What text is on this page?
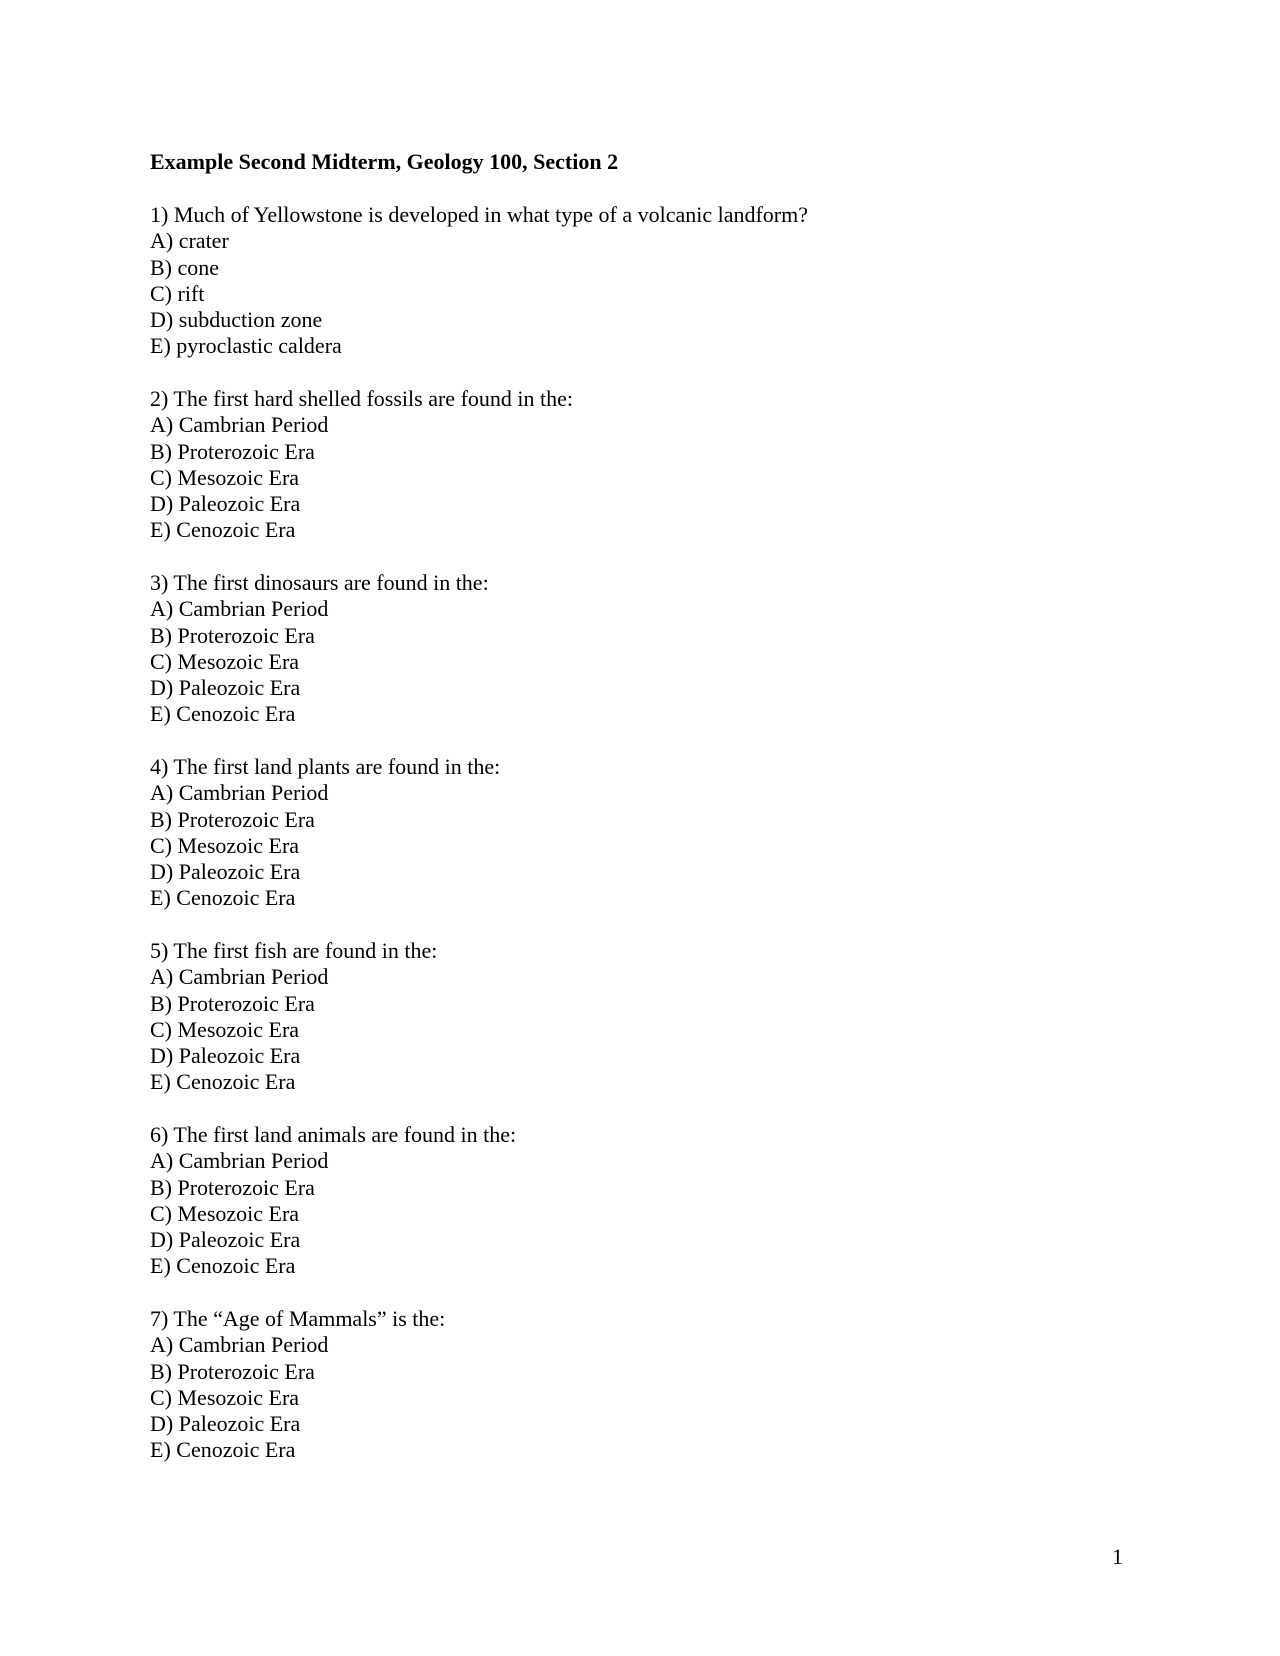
Example Second Midterm, Geology 100, Section 2
1) Much of Yellowstone is developed in what type of a volcanic landform?
A) crater
B) cone
C) rift
D) subduction zone
E) pyroclastic caldera
2) The first hard shelled fossils are found in the:
A) Cambrian Period
B) Proterozoic Era
C) Mesozoic Era
D) Paleozoic Era
E) Cenozoic Era
3) The first dinosaurs are found in the:
A) Cambrian Period
B) Proterozoic Era
C) Mesozoic Era
D) Paleozoic Era
E) Cenozoic Era
4) The first land plants are found in the:
A) Cambrian Period
B) Proterozoic Era
C) Mesozoic Era
D) Paleozoic Era
E) Cenozoic Era
5) The first fish are found in the:
A) Cambrian Period
B) Proterozoic Era
C) Mesozoic Era
D) Paleozoic Era
E) Cenozoic Era
6) The first land animals are found in the:
A) Cambrian Period
B) Proterozoic Era
C) Mesozoic Era
D) Paleozoic Era
E) Cenozoic Era
7) The “Age of Mammals” is the:
A) Cambrian Period
B) Proterozoic Era
C) Mesozoic Era
D) Paleozoic Era
E) Cenozoic Era
1
